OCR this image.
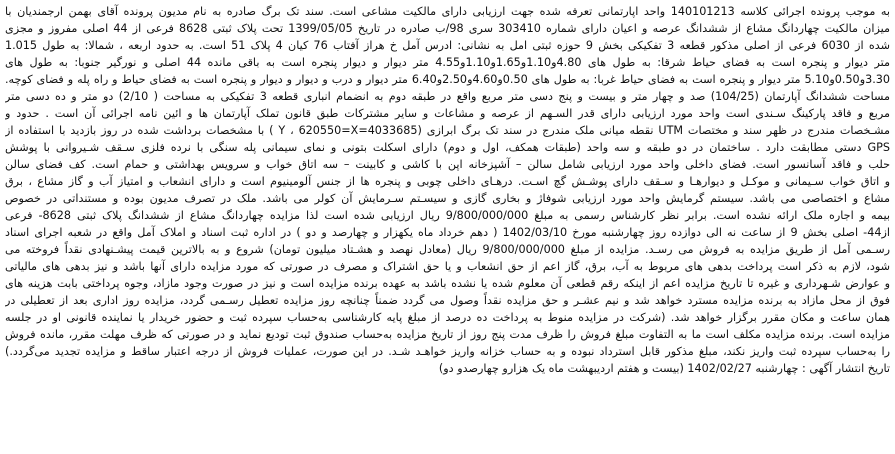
به موجب پرونده اجرائی کلاسه 140101213 واحد اپارتمانی تعرفه شده جهت ارزیابی دارای مالکیت مشاعی است. سند تک برگ صادره به نام مدیون پرونده آقای بهمن ارجمندیان با
میزان مالکیت چهاردانگ مشاع از ششدانگ عرصه و اعیان دارای شماره 303410 سری 98/ب صادره در تاریخ 1399/05/05 تحت پلاک ثبتی 8628 فرعی از 44 اصلی مفروز و مجزی
شده از 6030 فرعی از اصلی مذکور قطعه 3 تفکیکی بخش 9 حوزه ثبتی امل به نشانی: ادرس آمل خ هراز آفتاب 76 کیان 4 پلاک 51 است. به حدود اربعه ، شمالا: به طول 1.015
متر دیوار و پنجره است به فضای حیاط شرقا: به طول های 4.80و1.10و1.65و1.10و4.55 متر دیوار و دیوار پنجره است به باقی مانده 44 اصلی و نورگیر جنوبا: به طول های
3.30و0.50و5.10 متر دیوار و پنجره است به فضای حیاط غربا: به طول های 0.50و4.60و2.50و6.40 متر دیوار و درب و دیوار و دیوار و پنجره است به فضای حیاط و راه پله و فضای کوچه.
مساحت ششدانگ آپارتمان (104/25) صد و چهار متر و بیست و پنج دسی متر مربع واقع در طبقه دوم به انضمام انباری قطعه 3 تفکیکی به مساحت ( 2/10) دو متر و ده دسی متر
مربع و فاقد پارکینگ سـندی است واحد مورد ارزیابی دارای قدر السـهم از عرصه و مشاعات و سایر مشترکات طبق قانون تملک آپارتمان ها و ائین نامه اجرائی آن است . حدود و
مشـخصات مندرج در ظهر سند و مختصات UTM نقطه میانی ملک مندرج در سند تک برگ ابرازی (4033685=Y ، 620550=X ) با مشخصات برداشت شده در روز بازدید با استفاده از
GPS دستی مطابقت دارد . ساختمان در دو طبقه و سه واحد (طبقات همکف، اول و دوم) دارای اسکلت بتونی و نمای سیمانی پله سنگی با نرده فلزی سـقف شـیروانی با پوشش
حلب و فاقد آسانسور است. فضای داخلی واحد مورد ارزیابی شامل سالن – آشپزخانه اپن با کاشی و کابینت – سه اتاق خواب و سرویس بهداشتی و حمام است. کف فضای سالن
و اتاق خواب سـیمانی و موکـل و دیوارهـا و سـقف دارای پوشـش گچ اسـت. درهـای داخلی چوبی و پنجره ها از جنس آلومینیوم است و دارای انشعاب و امتیاز آب و گاز مشاع ، برق
مشاع و اختصاصی می باشد. سیستم گرمایش واحد مورد ارزیابی شوفاژ و بخاری گازی و سیسـتم سـرمایش آن کولر می باشد. ملک در تصرف مدیون بوده و مستنداتی در خصوص
بیمه و اجاره ملک ارائه نشده است. برابر نظر کارشناس رسمی به مبلغ 9/800/000/000 ریال ارزیابی شده است لذا مزایده چهاردانگ مشاع از ششدانگ پلاک ثبتی 8628- فرعی
از44- اصلی بخش 9 از ساعت نه الی دوازده روز چهارشنبه مورخ 1402/03/10 ( دهم خرداد ماه یکهزار و چهارصد و دو ) در اداره ثبت اسناد و املاک آمل واقع در شعبه اجرای اسناد
رسـمی آمل از طریق مزایده به فروش می رسـد. مزایده از مبلغ 9/800/000/000 ریال (معادل نهصد و هشـتاد میلیون تومان) شروع و به بالاترین قیمت پیشـنهادی نقداً فروخته می
شود، لازم به ذکر است پرداخت بدهی های مربوط به آب، برق، گاز اعم از حق انشعاب و یا حق اشتراک و مصرف در صورتی که مورد مزایده دارای آنها باشد و نیز بدهی های مالیاتی
و عوارض شـهرداری و غیره تا تاریخ مزایده اعم از اینکه رقم قطعی آن معلوم شده یا نشده باشد به عهده برنده مزایده است و نیز در صورت وجود مازاد، وجوه پرداختی بابت هزینه های
فوق از محل مازاد به برنده مزایده مسترد خواهد شد و نیم عشـر و حق مزایده نقداً وصول می گردد ضمناً چنانچه روز مزایده تعطیل رسـمی گردد، مزایده روز اداری بعد از تعطیلی در
همان ساعت و مکان مقرر برگزار خواهد شد. (شرکت در مزایده منوط به پرداخت ده درصد از مبلغ پایه کارشناسی به‌حساب سپرده ثبت و حضور خریدار یا نماینده قانونی او در جلسه
مزایده است. برنده مزایده مکلف است ما به التفاوت مبلغ فروش را ظرف مدت پنج روز از تاریخ مزایده به‌حساب صندوق ثبت تودیع نماید و در صورتی که ظرف مهلت مقرر، مانده فروش
را به‌حساب سپرده ثبت واریز نکند، مبلغ مذکور قابل استرداد نبوده و به حساب خزانه واریز خواهـد شـد. در این صورت، عملیات فروش از درجه اعتبار ساقط و مزایده تجدید می‌گردد.)
تاریخ انتشار آگهی : چهارشنبه 1402/02/27 (بیست و هفتم اردیبهشت ماه یک هزارو چهارصدو دو)
